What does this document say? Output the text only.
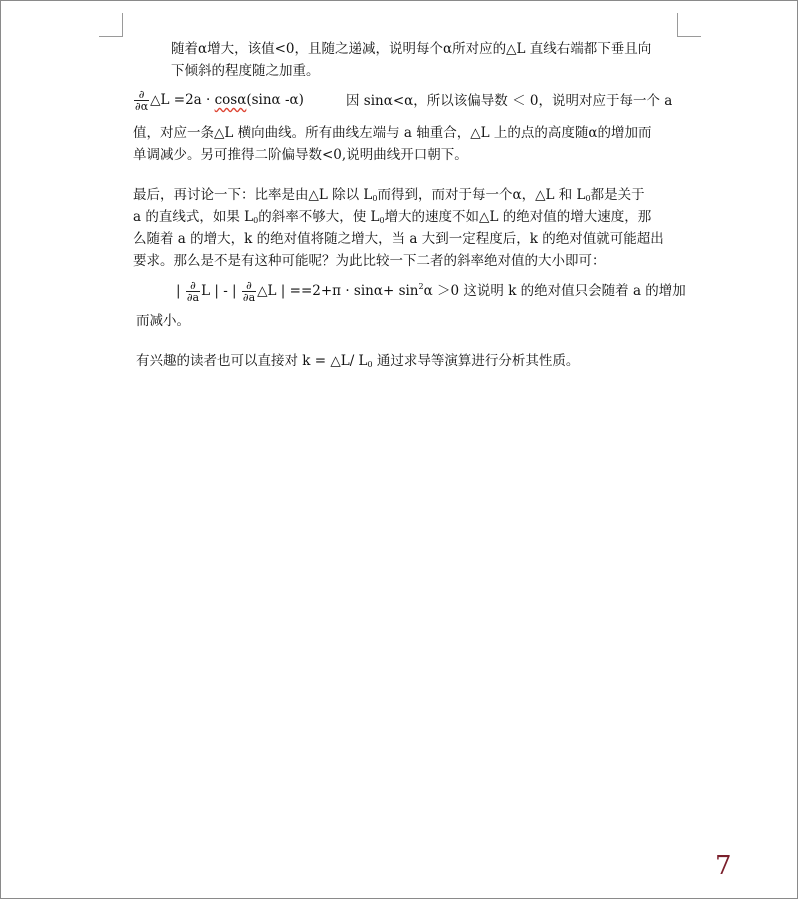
随着α增大，该值<0，且随之递减，说明每个α所对应的△L 直线右端都下垂且向
下倾斜的程度随之加重。
$\frac{\partial}{\partial\alpha}$ △L =2a · cosα(sinα -α)	因 sinα<α，所以该偏导数 ＜ 0，说明对应于每一个 a
值，对应一条△L 横向曲线。所有曲线左端与 a 轴重合，△L 上的点的高度随α的增加而
单调减少。另可推得二阶偏导数<0,说明曲线开口朝下。
最后，再讨论一下：比率是由△L 除以 $L_0$而得到，而对于每一个α，△L 和 $L_0$都是关于
a 的直线式，如果 $L_0$的斜率不够大，使 $L_0$增大的速度不如△L 的绝对值的增大速度，那
么随着 a 的增大，k 的绝对值将随之增大，当 a 大到一定程度后，k 的绝对值就可能超出
要求。那么是不是有这种可能呢？为此比较一下二者的斜率绝对值的大小即可：
| $\frac{\partial}{\partial a}$ L | - | $\frac{\partial}{\partial a}$ △L | $==2+\pi \cdot \sin\alpha+ \sin^2\alpha >0$ 这说明 k 的绝对值只会随着 a 的增加
而减小。
有兴趣的读者也可以直接对 k = △L/ $L_0$ 通过求导等演算进行分析其性质。
7
